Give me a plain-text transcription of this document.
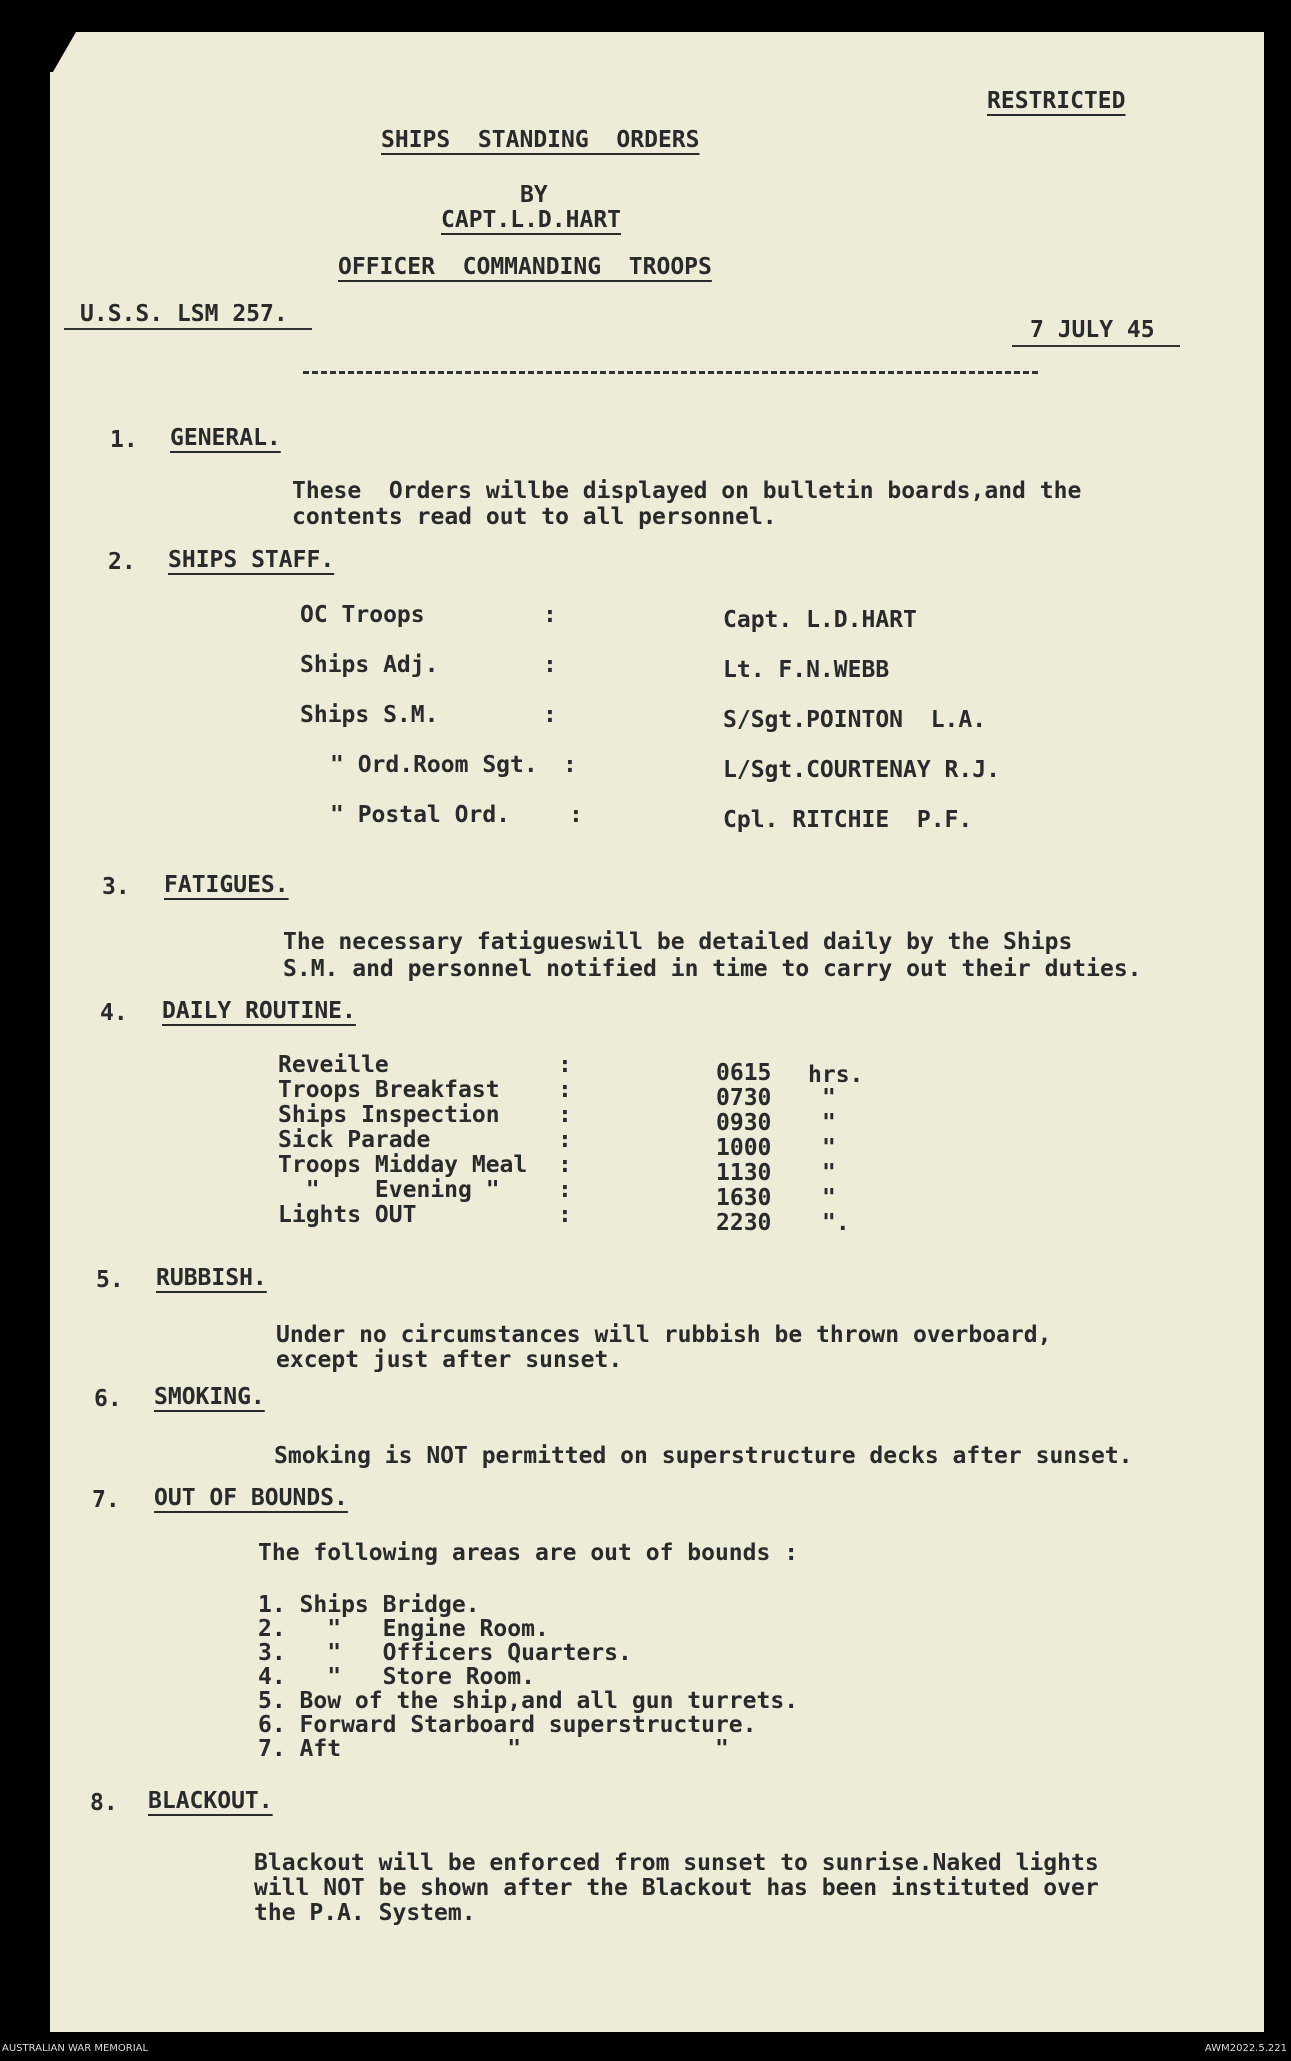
RESTRICTED
SHIPS  STANDING  ORDERS
BY
CAPT.L.D.HART
OFFICER  COMMANDING  TROOPS
U.S.S. LSM 257.
7 JULY 45
1. GENERAL.
These  Orders willbe displayed on bulletin boards,and the
contents read out to all personnel.
2. SHIPS STAFF.
OC Troops	:	Capt. L.D.HART
Ships Adj.	:	Lt. F.N.WEBB
Ships S.M.	:	S/Sgt.POINTON  L.A.
" Ord.Room Sgt. :	L/Sgt.COURTENAY R.J.
" Postal Ord.	:	Cpl. RITCHIE  P.F.
3. FATIGUES.
The necessary fatigueswill be detailed daily by the Ships
S.M. and personnel notified in time to carry out their duties.
4. DAILY ROUTINE.
Reveille	:	0615 hrs.
Troops Breakfast	:	0730 "
Ships Inspection	:	0930 "
Sick Parade	:	1000 "
Troops Midday Meal :	1130 "
"    Evening "	:	1630 "
Lights OUT	:	2230 ".
5. RUBBISH.
Under no circumstances will rubbish be thrown overboard,
except just after sunset.
6. SMOKING.
Smoking is NOT permitted on superstructure decks after sunset.
7. OUT OF BOUNDS.
The following areas are out of bounds :
1. Ships Bridge.
2.   "   Engine Room.
3.   "   Officers Quarters.
4.   "   Store Room.
5. Bow of the ship,and all gun turrets.
6. Forward Starboard superstructure.
7. Aft            "              "
8. BLACKOUT.
Blackout will be enforced from sunset to sunrise.Naked lights
will NOT be shown after the Blackout has been instituted over
the P.A. System.
AUSTRALIAN WAR MEMORIAL	AWM2022.5.221
